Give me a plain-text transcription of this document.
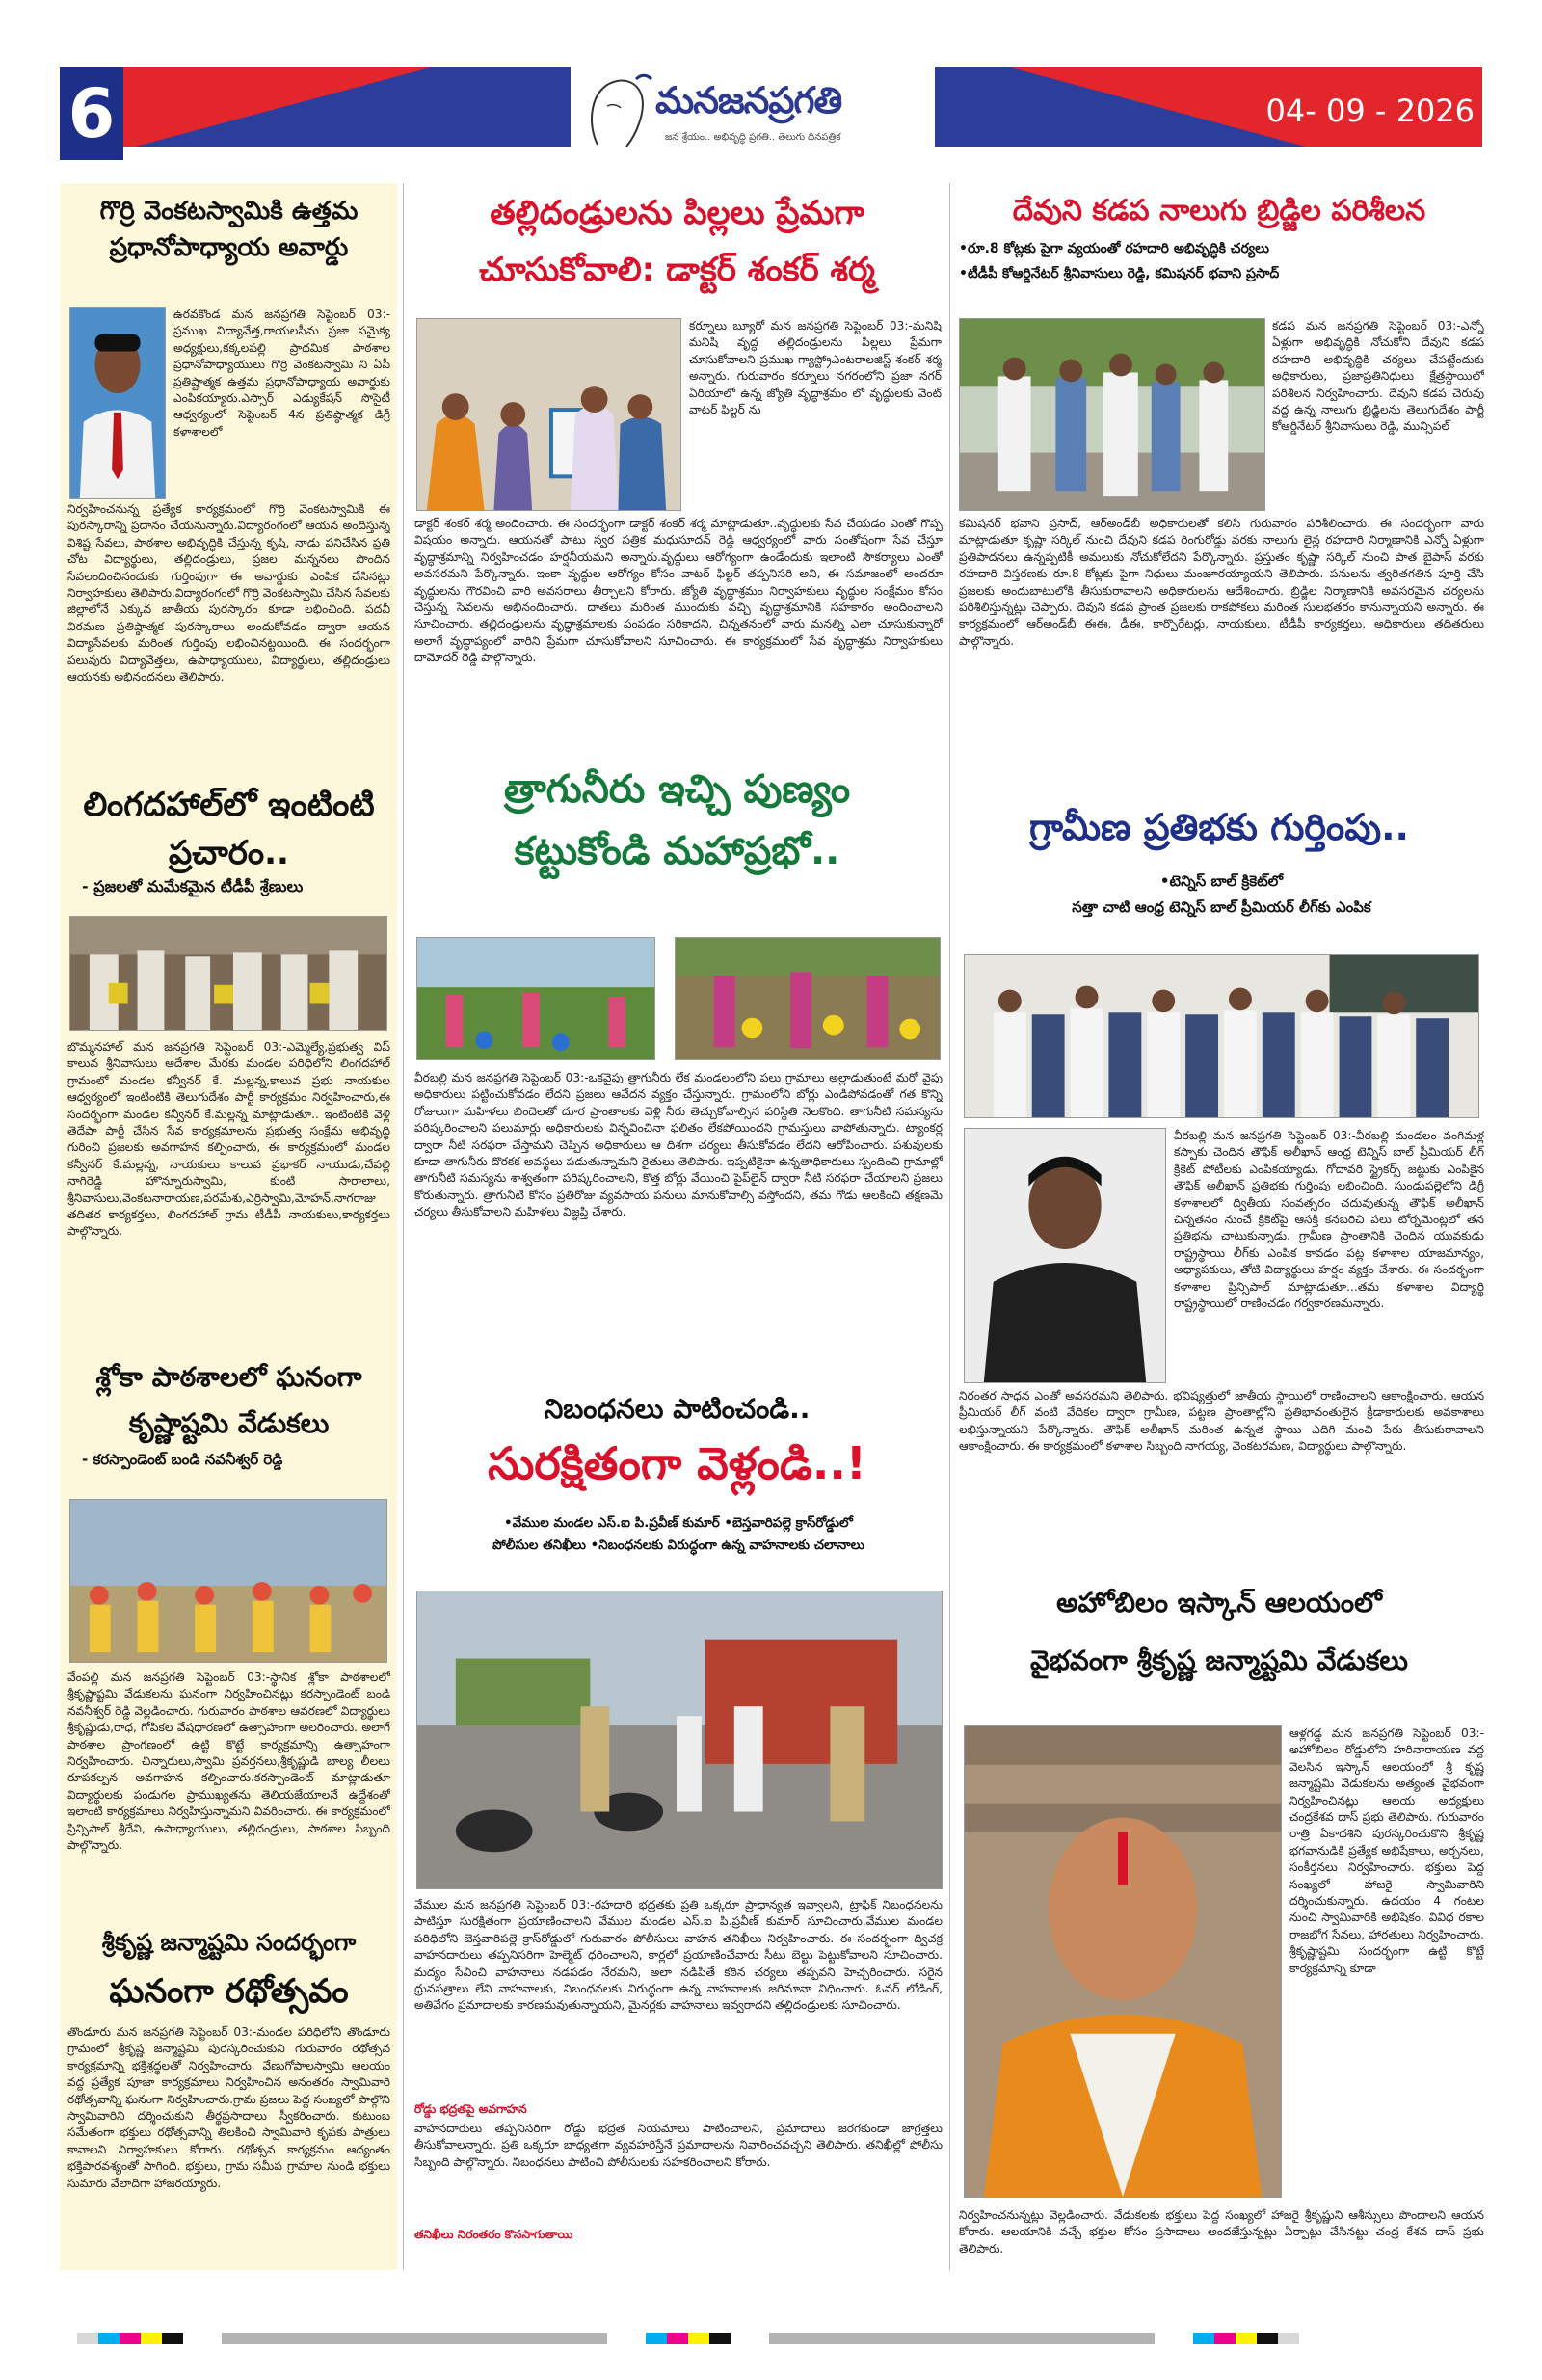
6	మనజనప్రగతి
జన శ్రేయం.. అభివృద్ధి ప్రగతి.. తెలుగు దినపత్రిక
04- 09 - 2026
గొర్రి వెంకటస్వామికి ఉత్తమ ప్రధానోపాధ్యాయ అవార్డు
ఉరవకొండ మన జనప్రగతి సెప్టెంబర్ 03:-ప్రముఖ విద్యావేత్త,రాయలసీమ ప్రజా సమైక్య అధ్యక్షులు,కక్కలపల్లి ప్రాథమిక పాఠశాల ప్రధానోపాధ్యాయులు గొర్రి వెంకటస్వామి ని ఏపీ ప్రతిష్టాత్మక ఉత్తమ ప్రధానోపాధ్యాయ అవార్డుకు ఎంపికయ్యారు.ఎస్సార్ ఎడ్యుకేషన్ సొసైటీ ఆధ్వర్యంలో సెప్టెంబర్ 4న ప్రతిష్ఠాత్మక డిగ్రీ కళాశాలలో
నిర్వహించనున్న ప్రత్యేక కార్యక్రమంలో గొర్రి వెంకటస్వామికి ఈ పురస్కారాన్ని ప్రదానం చేయనున్నారు.విద్యారంగంలో ఆయన అందిస్తున్న విశిష్ట సేవలు, పాఠశాల అభివృద్ధికి చేస్తున్న కృషి, నాడు పనిచేసిన ప్రతి చోట విద్యార్థులు, తల్లిదండ్రులు, ప్రజల మన్ననలు పొందిన సేవలందించినందుకు గుర్తింపుగా ఈ అవార్డుకు ఎంపిక చేసినట్లు నిర్వాహకులు తెలిపారు.విద్యారంగంలో గొర్రి వెంకటస్వామి చేసిన సేవలకు జిల్లాలోనే ఎక్కువ జాతీయ పురస్కారం కూడా లభించింది. పదవీ విరమణ ప్రతిష్ఠాత్మక పురస్కారాలు అందుకోవడం ద్వారా ఆయన విద్యాసేవలకు మరింత గుర్తింపు లభించినట్టయింది. ఈ సందర్భంగా పలువురు విద్యావేత్తలు, ఉపాధ్యాయులు, విద్యార్థులు, తల్లిదండ్రులు ఆయనకు అభినందనలు తెలిపారు.
లింగదహాల్‌లో ఇంటింటి ప్రచారం..
- ప్రజలతో మమేకమైన టీడీపీ శ్రేణులు
బొమ్మనహాల్ మన జనప్రగతి సెప్టెంబర్ 03:-ఎమ్మెల్యే,ప్రభుత్వ విప్ కాలువ శ్రీనివాసులు ఆదేశాల మేరకు మండల పరిధిలోని లింగదహాల్ గ్రామంలో మండల కన్వీనర్ కే. మల్లన్న,కాలువ ప్రభు నాయకుల ఆధ్వర్యంలో ఇంటింటికి తెలుగుదేశం పార్టీ కార్యక్రమం నిర్వహించారు,ఈ సందర్భంగా మండల కన్వీనర్ కే.మల్లన్న మాట్లాడుతూ.. ఇంటింటికి వెళ్లి తెదేపా పార్టీ చేసిన సేవ కార్యక్రమాలను ప్రభుత్వ సంక్షేమ అభివృద్ధి గురించి ప్రజలకు అవగాహన కల్పించారు, ఈ కార్యక్రమంలో మండల కన్వీనర్ కే.మల్లన్న, నాయకులు కాలువ ప్రభాకర్ నాయుడు,చేపల్లి నాగిరెడ్డి హొన్నూరుస్వామి, కుంటి సారాలాలు, శ్రీనివాసులు,వెంకటనారాయణ,పరమేశు,ఎర్రిస్వామి,మోహన్,నాగరాజు తదితర కార్యకర్తలు, లింగదహాల్ గ్రామ టీడీపీ నాయకులు,కార్యకర్తలు పాల్గొన్నారు.
శ్లోకా పాఠశాలలో ఘనంగా కృష్ణాష్టమి వేడుకలు
- కరస్పాండెంట్ బండి నవనీశ్వర్ రెడ్డి
వేంపల్లి మన జనప్రగతి సెప్టెంబర్ 03:-స్థానిక శ్లోకా పాఠశాలలో శ్రీకృష్ణాష్టమి వేడుకలను ఘనంగా నిర్వహించినట్లు కరస్పాండెంట్ బండి నవనీశ్వర్ రెడ్డి వెల్లడించారు. గురువారం పాఠశాల ఆవరణలో విద్యార్థులు శ్రీకృష్ణుడు,రాధ, గోపికల వేషధారణలో ఉత్సాహంగా అలరించారు. అలాగే పాఠశాల ప్రాంగణంలో ఉట్టి కొట్టే కార్యక్రమాన్ని ఉత్సాహంగా నిర్వహించారు. చిన్నారులు,స్వామి ప్రవర్తనలు,శ్రీకృష్ణుడి బాల్య లీలలు రూపకల్పన అవగాహన కల్పించారు.కరస్పాండెంట్ మాట్లాడుతూ విద్యార్థులకు పండుగల ప్రాముఖ్యతను తెలియజేయాలనే ఉద్దేశంతో ఇలాంటి కార్యక్రమాలు నిర్వహిస్తున్నామని వివరించారు. ఈ కార్యక్రమంలో ప్రిన్సిపాల్ శ్రీదేవి, ఉపాధ్యాయులు, తల్లిదండ్రులు, పాఠశాల సిబ్బంది పాల్గొన్నారు.
శ్రీకృష్ణ జన్మాష్టమి సందర్భంగా
ఘనంగా రథోత్సవం
తొండూరు మన జనప్రగతి సెప్టెంబర్ 03:-మండల పరిధిలోని తొండూరు గ్రామంలో శ్రీకృష్ణ జన్మాష్టమి పురస్కరించుకుని గురువారం రథోత్సవ కార్యక్రమాన్ని భక్తిశ్రద్ధలతో నిర్వహించారు. వేణుగోపాలస్వామి ఆలయం వద్ద ప్రత్యేక పూజా కార్యక్రమాలు నిర్వహించిన అనంతరం స్వామివారి రథోత్సవాన్ని ఘనంగా నిర్వహించారు.గ్రామ ప్రజలు పెద్ద సంఖ్యలో పాల్గొని స్వామివారిని దర్శించుకుని తీర్థప్రసాదాలు స్వీకరించారు. కుటుంబ సమేతంగా భక్తులు రథోత్సవాన్ని తిలకించి స్వామివారి కృపకు పాత్రులు కావాలని నిర్వాహకులు కోరారు. రథోత్సవ కార్యక్రమం ఆద్యంతం భక్తిపారవశ్యంతో సాగింది. భక్తులు, గ్రామ సమీప గ్రామాల నుండి భక్తులు సుమారు వేలాదిగా హాజరయ్యారు.
తల్లిదండ్రులను పిల్లలు ప్రేమగా
చూసుకోవాలి: డాక్టర్ శంకర్ శర్మ
కర్నూలు బ్యూరో మన జనప్రగతి సెప్టెంబర్ 03:-మనిషి మనిషి వృద్ధ తల్లిదండ్రులను పిల్లలు ప్రేమగా చూసుకోవాలని ప్రముఖ గ్యాస్ట్రోఎంటరాలజిస్ట్ శంకర్ శర్మ అన్నారు. గురువారం కర్నూలు నగరంలోని ప్రజా నగర్ ఏరియాలో ఉన్న జ్యోతి వృద్ధాశ్రమం లో వృద్ధులకు వెంట్ వాటర్ ఫిల్టర్ ను
డాక్టర్ శంకర్ శర్మ అందించారు. ఈ సందర్భంగా డాక్టర్ శంకర్ శర్మ మాట్లాడుతూ..వృద్ధులకు సేవ చేయడం ఎంతో గొప్ప విషయం అన్నారు. ఆయనతో పాటు స్వర పత్రిక మధుసూదన్ రెడ్డి ఆధ్వర్యంలో వారు సంతోషంగా సేవ చేస్తూ వృద్ధాశ్రమాన్ని నిర్వహించడం హర్షనీయమని అన్నారు.వృద్ధులు ఆరోగ్యంగా ఉండేందుకు ఇలాంటి సౌకర్యాలు ఎంతో అవసరమని పేర్కొన్నారు. ఇంకా వృద్ధుల ఆరోగ్యం కోసం వాటర్ ఫిల్టర్ తప్పనిసరి అని, ఈ సమాజంలో అందరూ వృద్ధులను గౌరవించి వారి అవసరాలు తీర్చాలని కోరారు. జ్యోతి వృద్ధాశ్రమం నిర్వాహకులు వృద్ధుల సంక్షేమం కోసం చేస్తున్న సేవలను అభినందించారు. దాతలు మరింత ముందుకు వచ్చి వృద్ధాశ్రమానికి సహకారం అందించాలని సూచించారు. తల్లిదండ్రులను వృద్ధాశ్రమాలకు పంపడం సరికాదని, చిన్నతనంలో వారు మనల్ని ఎలా చూసుకున్నారో అలాగే వృద్ధాప్యంలో వారిని ప్రేమగా చూసుకోవాలని సూచించారు. ఈ కార్యక్రమంలో సేవ వృద్ధాశ్రమ నిర్వాహకులు దామోదర్ రెడ్డి పాల్గొన్నారు.
త్రాగునీరు ఇచ్చి పుణ్యం
కట్టుకోండి మహాప్రభో..
వీరబల్లి మన జనప్రగతి సెప్టెంబర్ 03:-ఒకవైపు త్రాగునీరు లేక మండలంలోని పలు గ్రామాలు అల్లాడుతుంటే మరో వైపు అధికారులు పట్టించుకోవడం లేదని ప్రజలు ఆవేదన వ్యక్తం చేస్తున్నారు. గ్రామంలోని బోర్లు ఎండిపోవడంతో గత కొన్ని రోజులుగా మహిళలు బిందెలతో దూర ప్రాంతాలకు వెళ్లి నీరు తెచ్చుకోవాల్సిన పరిస్థితి నెలకొంది. తాగునీటి సమస్యను పరిష్కరించాలని పలుమార్లు అధికారులకు విన్నవించినా ఫలితం లేకపోయిందని గ్రామస్తులు వాపోతున్నారు. ట్యాంకర్ల ద్వారా నీటి సరఫరా చేస్తామని చెప్పిన అధికారులు ఆ దిశగా చర్యలు తీసుకోవడం లేదని ఆరోపించారు. పశువులకు కూడా తాగునీరు దొరకక అవస్థలు పడుతున్నామని రైతులు తెలిపారు. ఇప్పటికైనా ఉన్నతాధికారులు స్పందించి గ్రామాల్లో తాగునీటి సమస్యను శాశ్వతంగా పరిష్కరించాలని, కొత్త బోర్లు వేయించి పైప్‌లైన్ ద్వారా నీటి సరఫరా చేయాలని ప్రజలు కోరుతున్నారు. త్రాగునీటి కోసం ప్రతిరోజు వ్యవసాయ పనులు మానుకోవాల్సి వస్తోందని, తమ గోడు ఆలకించి తక్షణమే చర్యలు తీసుకోవాలని మహిళలు విజ్ఞప్తి చేశారు.
నిబంధనలు పాటించండి..
సురక్షితంగా వెళ్లండి..!
•వేముల మండల ఎస్.ఐ పి.ప్రవీణ్ కుమార్ •బెస్తవారిపల్లె క్రాస్‌రోడ్డులో
పోలీసుల తనిఖీలు •నిబంధనలకు విరుద్ధంగా ఉన్న వాహనాలకు చలానాలు
వేముల మన జనప్రగతి సెప్టెంబర్ 03:-రహదారి భద్రతకు ప్రతి ఒక్కరూ ప్రాధాన్యత ఇవ్వాలని, ట్రాఫిక్ నిబంధనలను పాటిస్తూ సురక్షితంగా ప్రయాణించాలని వేముల మండల ఎస్.ఐ పి.ప్రవీణ్ కుమార్ సూచించారు.వేముల మండల పరిధిలోని బెస్తవారిపల్లె క్రాస్‌రోడ్డులో గురువారం పోలీసులు వాహన తనిఖీలు నిర్వహించారు. ఈ సందర్భంగా ద్విచక్ర వాహనదారులు తప్పనిసరిగా హెల్మెట్ ధరించాలని, కార్లలో ప్రయాణించేవారు సీటు బెల్టు పెట్టుకోవాలని సూచించారు. మద్యం సేవించి వాహనాలు నడపడం నేరమని, అలా నడిపితే కఠిన చర్యలు తప్పవని హెచ్చరించారు. సరైన ధ్రువపత్రాలు లేని వాహనాలకు, నిబంధనలకు విరుద్ధంగా ఉన్న వాహనాలకు జరిమానా విధించారు. ఓవర్ లోడింగ్, అతివేగం ప్రమాదాలకు కారణమవుతున్నాయని, మైనర్లకు వాహనాలు ఇవ్వరాదని తల్లిదండ్రులకు సూచించారు.
రోడ్డు భద్రతపై అవగాహన
వాహనదారులు తప్పనిసరిగా రోడ్డు భద్రత నియమాలు పాటించాలని, ప్రమాదాలు జరగకుండా జాగ్రత్తలు తీసుకోవాలన్నారు. ప్రతి ఒక్కరూ బాధ్యతగా వ్యవహరిస్తేనే ప్రమాదాలను నివారించవచ్చని తెలిపారు. తనిఖీల్లో పోలీసు సిబ్బంది పాల్గొన్నారు. నిబంధనలు పాటించి పోలీసులకు సహకరించాలని కోరారు.
తనిఖీలు నిరంతరం కొనసాగుతాయి
దేవుని కడప నాలుగు బ్రిడ్జిల పరిశీలన
•రూ.8 కోట్లకు పైగా వ్యయంతో రహదారి అభివృద్ధికి చర్యలు
•టీడీపీ కోఆర్డినేటర్ శ్రీనివాసులు రెడ్డి, కమిషనర్ భవాని ప్రసాద్
కడప మన జనప్రగతి సెప్టెంబర్ 03:-ఎన్నో ఏళ్లుగా అభివృద్ధికి నోచుకోని దేవుని కడప రహదారి అభివృద్ధికి చర్యలు చేపట్టేందుకు అధికారులు, ప్రజాప్రతినిధులు క్షేత్రస్థాయిలో పరిశీలన నిర్వహించారు. దేవుని కడప చెరువు వద్ద ఉన్న నాలుగు బ్రిడ్జిలను తెలుగుదేశం పార్టీ కోఆర్డినేటర్ శ్రీనివాసులు రెడ్డి, మున్సిపల్
కమిషనర్ భవాని ప్రసాద్, ఆర్‌అండ్‌బీ అధికారులతో కలిసి గురువారం పరిశీలించారు. ఈ సందర్భంగా వారు మాట్లాడుతూ కృష్ణా సర్కిల్ నుంచి దేవుని కడప రింగురోడ్డు వరకు నాలుగు లైన్ల రహదారి నిర్మాణానికి ఎన్నో ఏళ్లుగా ప్రతిపాదనలు ఉన్నప్పటికీ అమలుకు నోచుకోలేదని పేర్కొన్నారు. ప్రస్తుతం కృష్ణా సర్కిల్ నుంచి పాత బైపాస్ వరకు రహదారి విస్తరణకు రూ.8 కోట్లకు పైగా నిధులు మంజూరయ్యాయని తెలిపారు. పనులను త్వరితగతిన పూర్తి చేసి ప్రజలకు అందుబాటులోకి తీసుకురావాలని అధికారులను ఆదేశించారు. బ్రిడ్జిల నిర్మాణానికి అవసరమైన చర్యలను పరిశీలిస్తున్నట్లు చెప్పారు. దేవుని కడప ప్రాంత ప్రజలకు రాకపోకలు మరింత సులభతరం కానున్నాయని అన్నారు. ఈ కార్యక్రమంలో ఆర్‌అండ్‌బీ ఈఈ, డీఈ, కార్పొరేటర్లు, నాయకులు, టీడీపీ కార్యకర్తలు, అధికారులు తదితరులు పాల్గొన్నారు.
గ్రామీణ ప్రతిభకు గుర్తింపు..
•టెన్నిస్ బాల్ క్రికెట్‌లో
సత్తా చాటి ఆంధ్ర టెన్నిస్ బాల్ ప్రీమియర్ లీగ్‌కు ఎంపిక
వీరబల్లి మన జనప్రగతి సెప్టెంబర్ 03:-వీరబల్లి మండలం వంగిమళ్ల కస్పాకు చెందిన తౌఫిక్ అలీఖాన్ ఆంధ్ర టెన్నిస్ బాల్ ప్రీమియర్ లీగ్ క్రికెట్ పోటీలకు ఎంపికయ్యాడు. గోదావరి స్ట్రైకర్స్ జట్టుకు ఎంపికైన తౌఫిక్ అలీఖాన్ ప్రతిభకు గుర్తింపు లభించింది. సుండుపల్లెలోని డిగ్రీ కళాశాలలో ద్వితీయ సంవత్సరం చదువుతున్న తౌఫిక్ అలీఖాన్ చిన్నతనం నుంచే క్రికెట్‌పై ఆసక్తి కనబరిచి పలు టోర్నమెంట్లలో తన ప్రతిభను చాటుకున్నాడు. గ్రామీణ ప్రాంతానికి చెందిన యువకుడు రాష్ట్రస్థాయి లీగ్‌కు ఎంపిక కావడం పట్ల కళాశాల యాజమాన్యం, అధ్యాపకులు, తోటి విద్యార్థులు హర్షం వ్యక్తం చేశారు. ఈ సందర్భంగా కళాశాల ప్రిన్సిపాల్ మాట్లాడుతూ...తమ కళాశాల విద్యార్థి రాష్ట్రస్థాయిలో రాణించడం గర్వకారణమన్నారు.
నిరంతర సాధన ఎంతో అవసరమని తెలిపారు. భవిష్యత్తులో జాతీయ స్థాయిలో రాణించాలని ఆకాంక్షించారు. ఆయన ప్రీమియర్ లీగ్ వంటి వేదికల ద్వారా గ్రామీణ, పట్టణ ప్రాంతాల్లోని ప్రతిభావంతులైన క్రీడాకారులకు అవకాశాలు లభిస్తున్నాయని పేర్కొన్నారు. తౌఫిక్ అలీఖాన్ మరింత ఉన్నత స్థాయి ఎదిగి మంచి పేరు తీసుకురావాలని ఆకాంక్షించారు. ఈ కార్యక్రమంలో కళాశాల సిబ్బంది నాగయ్య, వెంకటరమణ, విద్యార్థులు పాల్గొన్నారు.
అహోబిలం ఇస్కాన్ ఆలయంలో
వైభవంగా శ్రీకృష్ణ జన్మాష్టమి వేడుకలు
ఆళ్లగడ్డ మన జనప్రగతి సెప్టెంబర్ 03:-అహోబిలం రోడ్డులోని హరినారాయణ వద్ద వెలసిన ఇస్కాన్ ఆలయంలో శ్రీ కృష్ణ జన్మాష్టమి వేడుకలను అత్యంత వైభవంగా నిర్వహించినట్లు ఆలయ అధ్యక్షులు చంద్రకేశవ దాస్ ప్రభు తెలిపారు. గురువారం రాత్రి ఏకాదశిని పురస్కరించుకొని శ్రీకృష్ణ భగవానుడికి ప్రత్యేక అభిషేకాలు, అర్చనలు, సంకీర్తనలు నిర్వహించారు. భక్తులు పెద్ద సంఖ్యలో హాజరై స్వామివారిని దర్శించుకున్నారు. ఉదయం 4 గంటల నుంచి స్వామివారికి అభిషేకం, వివిధ రకాల రాజభోగ సేవలు, హారతులు నిర్వహించారు. శ్రీకృష్ణాష్టమి సందర్భంగా ఉట్టి కొట్టే కార్యక్రమాన్ని కూడా
నిర్వహించనున్నట్లు వెల్లడించారు. వేడుకలకు భక్తులు పెద్ద సంఖ్యలో హాజరై శ్రీకృష్ణుని ఆశీస్సులు పొందాలని ఆయన కోరారు. ఆలయానికి వచ్చే భక్తుల కోసం ప్రసాదాలు అందజేస్తున్నట్లు ఏర్పాట్లు చేసినట్టు చంద్ర కేశవ దాస్ ప్రభు తెలిపారు.
